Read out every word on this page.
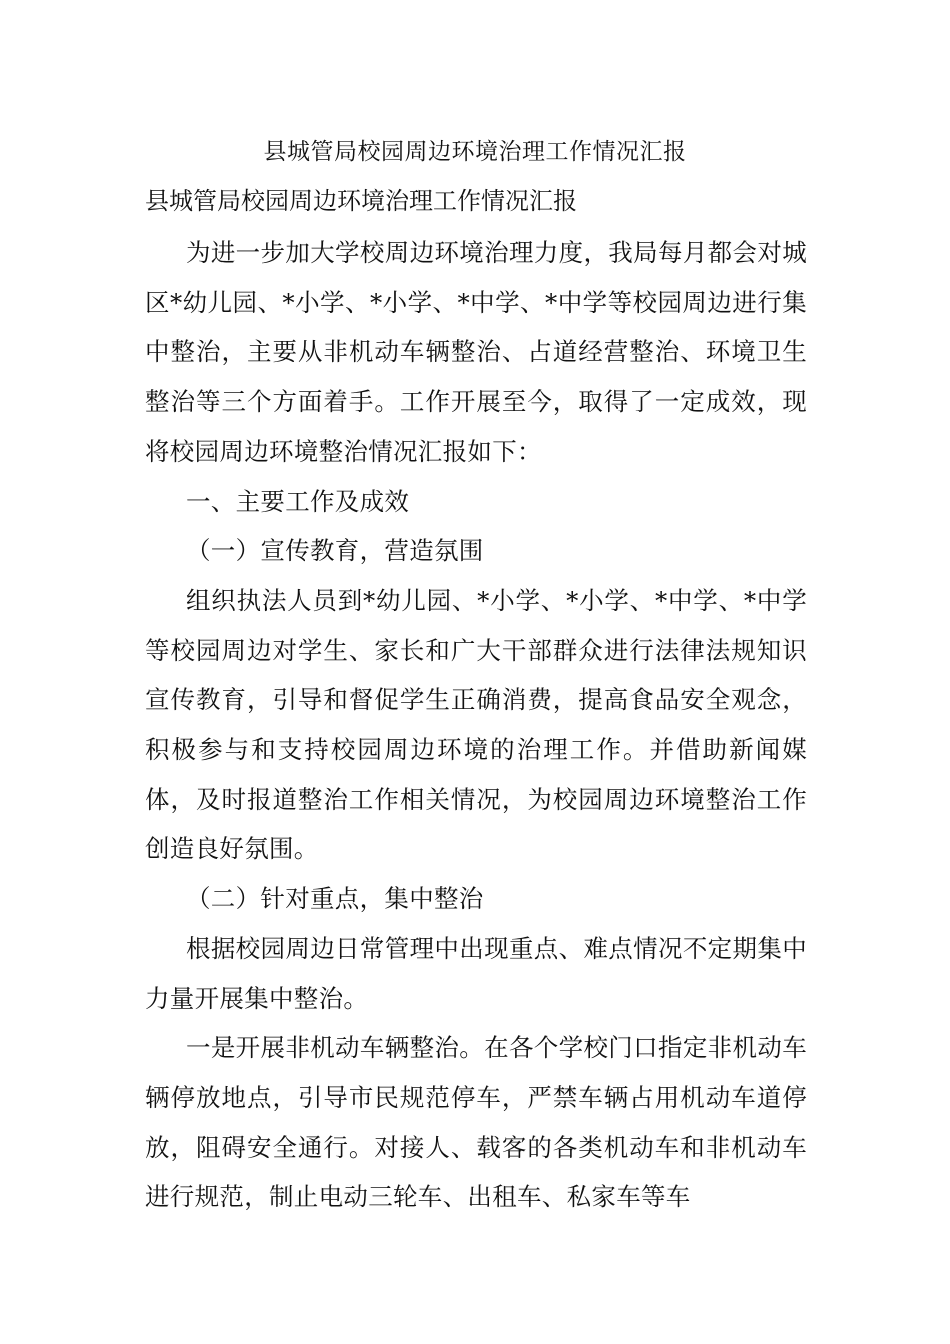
县城管局校园周边环境治理工作情况汇报
县城管局校园周边环境治理工作情况汇报

为进一步加大学校周边环境治理力度，我局每月都会对城区*幼儿园、*小学、*小学、*中学、*中学等校园周边进行集中整治，主要从非机动车辆整治、占道经营整治、环境卫生整治等三个方面着手。工作开展至今，取得了一定成效，现将校园周边环境整治情况汇报如下：

一、主要工作及成效

（一）宣传教育，营造氛围

组织执法人员到*幼儿园、*小学、*小学、*中学、*中学等校园周边对学生、家长和广大干部群众进行法律法规知识宣传教育，引导和督促学生正确消费，提高食品安全观念，积极参与和支持校园周边环境的治理工作。并借助新闻媒体，及时报道整治工作相关情况，为校园周边环境整治工作创造良好氛围。

（二）针对重点，集中整治

根据校园周边日常管理中出现重点、难点情况不定期集中力量开展集中整治。

一是开展非机动车辆整治。在各个学校门口指定非机动车辆停放地点，引导市民规范停车，严禁车辆占用机动车道停放，阻碍安全通行。对接人、载客的各类机动车和非机动车进行规范，制止电动三轮车、出租车、私家车等车
